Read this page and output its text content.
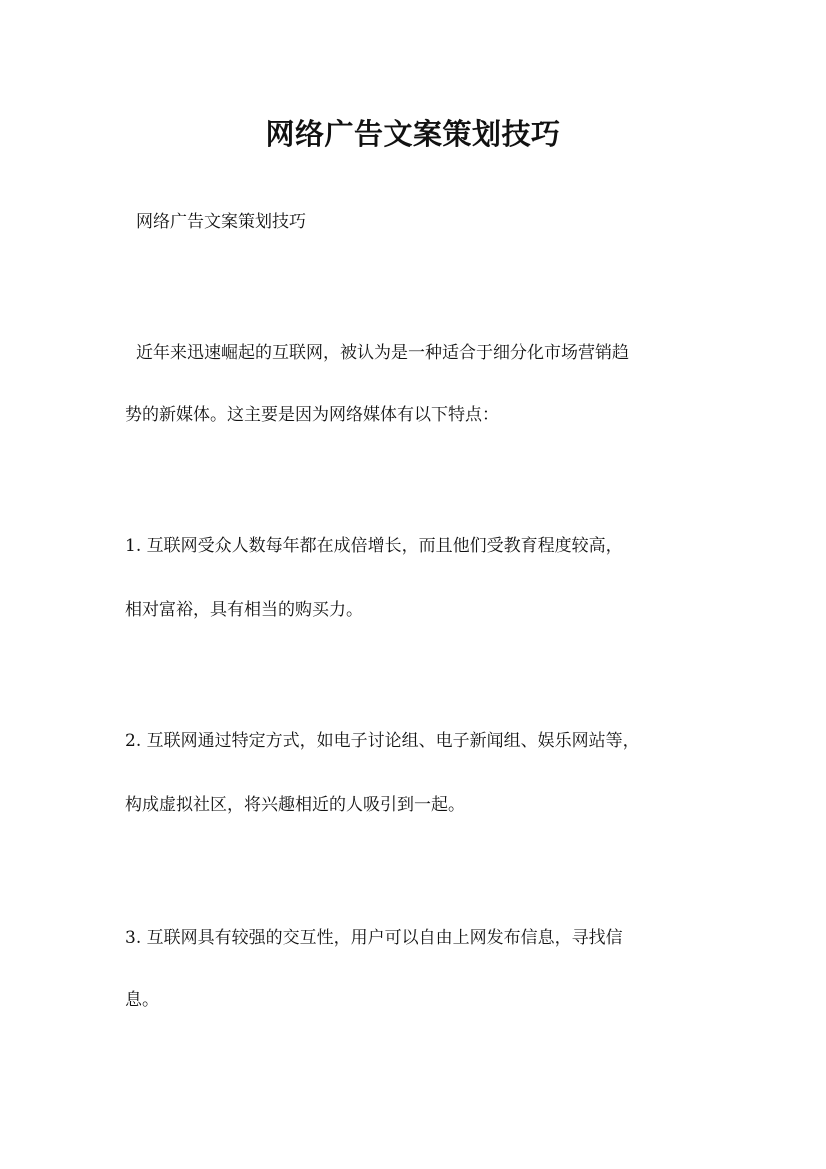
网络广告文案策划技巧
网络广告文案策划技巧
近年来迅速崛起的互联网，被认为是一种适合于细分化市场营销趋
势的新媒体。这主要是因为网络媒体有以下特点：
1. 互联网受众人数每年都在成倍增长，而且他们受教育程度较高，
相对富裕，具有相当的购买力。
2. 互联网通过特定方式，如电子讨论组、电子新闻组、娱乐网站等，
构成虚拟社区，将兴趣相近的人吸引到一起。
3. 互联网具有较强的交互性，用户可以自由上网发布信息，寻找信
息。
